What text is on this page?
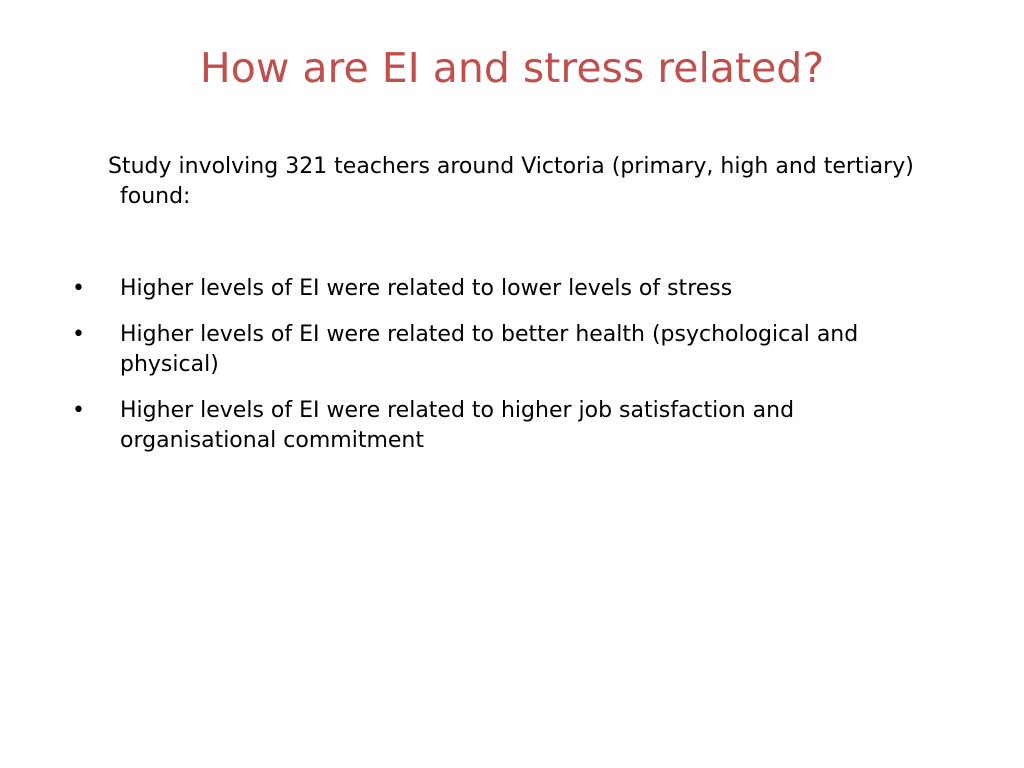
How are EI and stress related?

Study involving 321 teachers around Victoria (primary, high and tertiary) found:

• Higher levels of EI were related to lower levels of stress
• Higher levels of EI were related to better health (psychological and physical)
• Higher levels of EI were related to higher job satisfaction and organisational commitment
